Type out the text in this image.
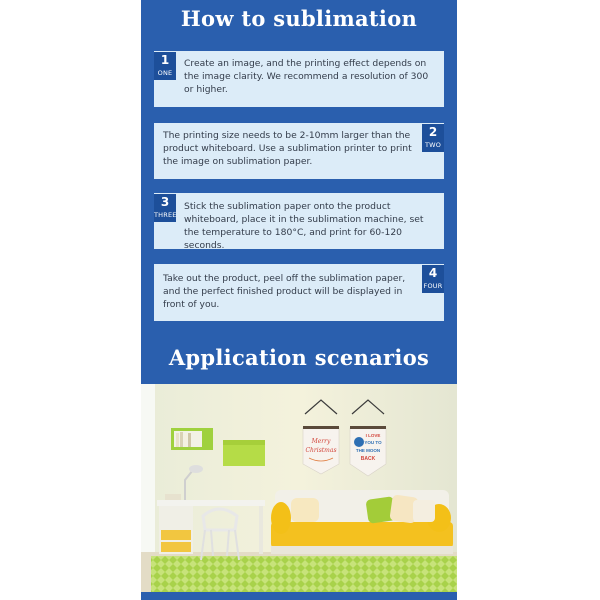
How to sublimation
1
ONE
Create an image, and the printing effect depends on the image clarity. We recommend a resolution of 300 or higher.
2
TWO
The printing size needs to be 2-10mm larger than the product whiteboard. Use a sublimation printer to print the image on sublimation paper.
3
THREE
Stick the sublimation paper onto the product whiteboard, place it in the sublimation machine, set the temperature to 180°C, and print for 60-120 seconds.
4
FOUR
Take out the product, peel off the sublimation paper, and the perfect finished product will be displayed in front of you.
Application scenarios
Merry
Christmas
I LOVE
YOU TO
THE MOON
BACK
